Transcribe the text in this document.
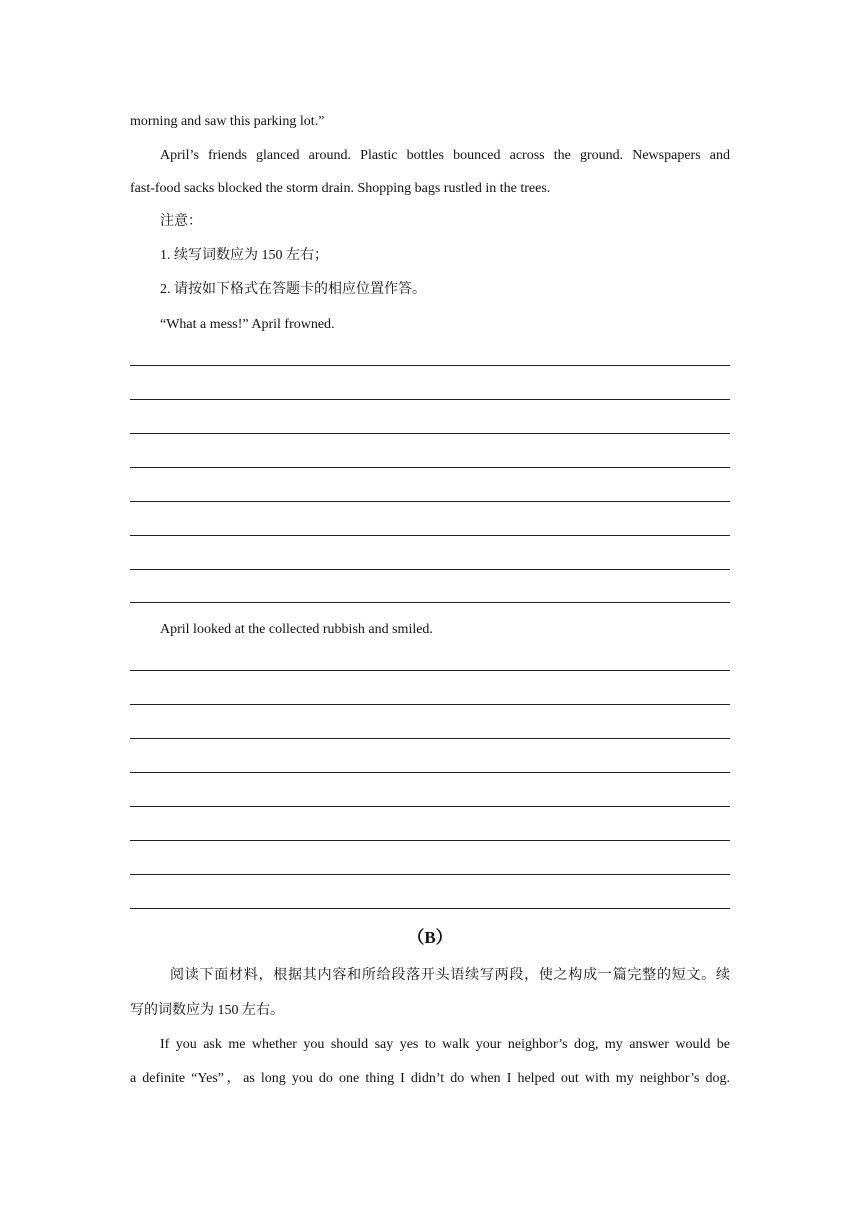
morning and saw this parking lot.”
April’s friends glanced around. Plastic bottles bounced across the ground. Newspapers and
fast-food sacks blocked the storm drain. Shopping bags rustled in the trees.
注意：
1. 续写词数应为 150 左右；
2. 请按如下格式在答题卡的相应位置作答。
“What a mess!” April frowned.
April looked at the collected rubbish and smiled.
（B）
阅读下面材料，根据其内容和所给段落开头语续写两段，使之构成一篇完整的短文。续
写的词数应为 150 左右。
If you ask me whether you should say yes to walk your neighbor’s dog, my answer would be
a definite “Yes”，as long you do one thing I didn’t do when I helped out with my neighbor’s dog.
